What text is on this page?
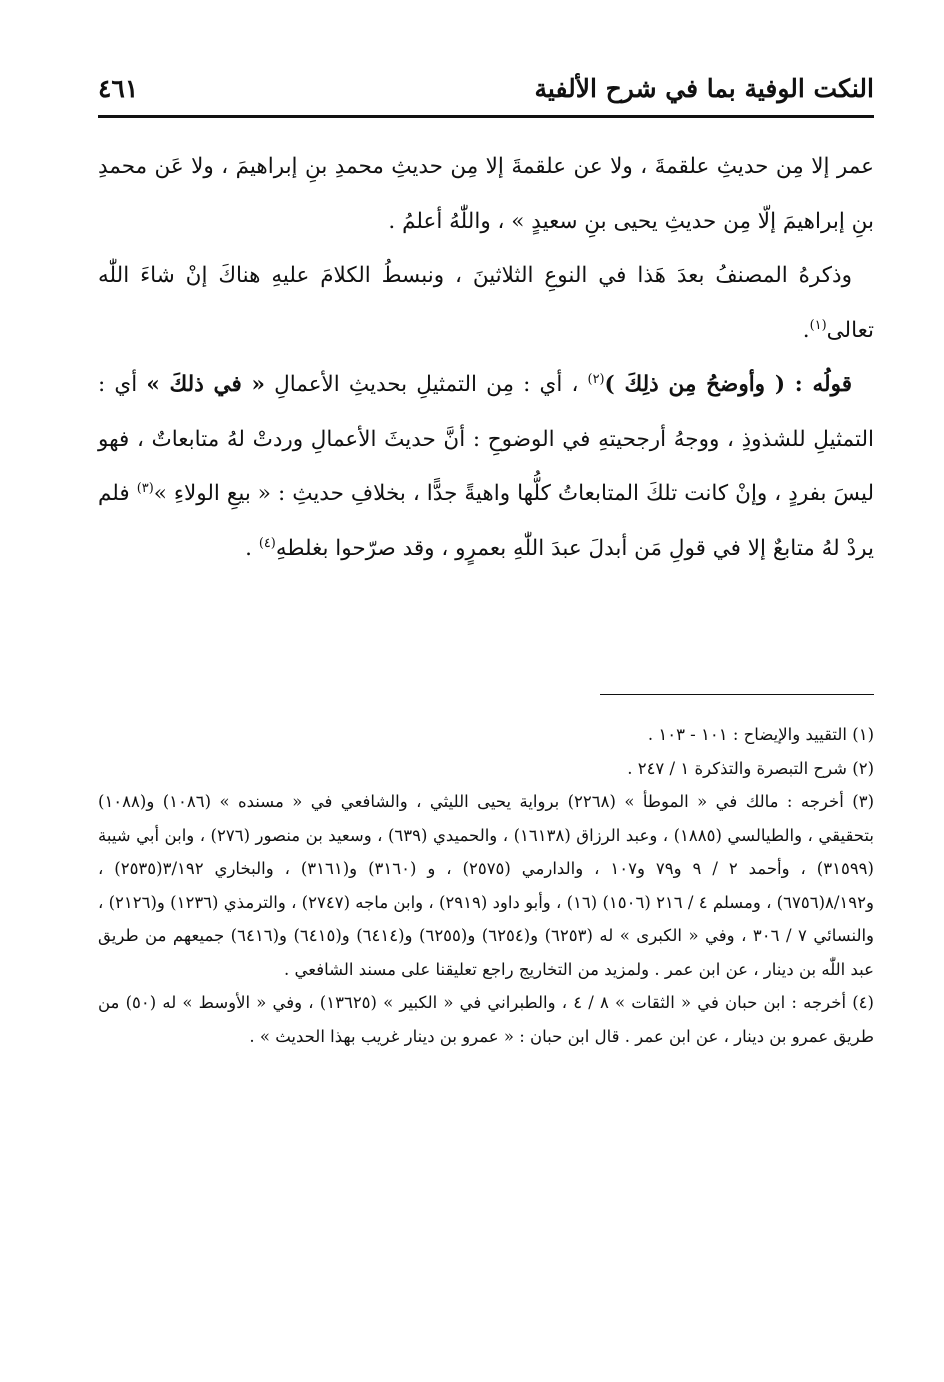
النكت الوفية بما في شرح الألفية
٤٦١

عمر إلا مِن حديثِ علقمةَ ، ولا عن علقمةَ إلا مِن حديثِ محمدِ بنِ إبراهيمَ ، ولا عَن محمدِ بنِ إبراهيمَ إلّا مِن حديثِ يحيى بنِ سعيدٍ » ، واللّٰهُ أعلمُ .

وذكرهُ المصنفُ بعدَ هَذا في النوعِ الثلاثينَ ، ونبسطُ الكلامَ عليهِ هناكَ إنْ شاءَ اللّٰه تعالى$^{(١)}$.

قولُه : ( وأوضحُ مِن ذلِكَ )$^{(٢)}$ ، أي : مِن التمثيلِ بحديثِ الأعمالِ « في ذلكَ » أي : التمثيلِ للشذوذِ ، ووجهُ أرجحيتهِ في الوضوحِ : أنَّ حديثَ الأعمالِ وردتْ لهُ متابعاتٌ ، فهو ليسَ بفردٍ ، وإنْ كانت تلكَ المتابعاتُ كلُّها واهيةً جدًّا ، بخلافِ حديثِ : « بيعِ الولاءِ »$^{(٣)}$ فلم يردْ لهُ متابعٌ إلا في قولِ مَن أبدلَ عبدَ اللّٰهِ بعمرٍو ، وقد صرّحوا بغلطهِ$^{(٤)}$ .

(١) التقييد والإيضاح : ١٠١ - ١٠٣ .

(٢) شرح التبصرة والتذكرة ١ / ٢٤٧ .

(٣) أخرجه : مالك في « الموطأ » (٢٢٦٨) برواية يحيى الليثي ، والشافعي في « مسنده » (١٠٨٦) و(١٠٨٨) بتحقيقي ، والطيالسي (١٨٨٥) ، وعبد الرزاق (١٦١٣٨) ، والحميدي (٦٣٩) ، وسعيد بن منصور (٢٧٦) ، وابن أبي شيبة (٣١٥٩٩) ، وأحمد ٢ / ٩ و٧٩ و١٠٧ ، والدارمي (٢٥٧٥) ، و (٣١٦٠) و(٣١٦١) ، والبخاري ٣/١٩٢(٢٥٣٥) ، و٨/١٩٢(٦٧٥٦) ، ومسلم ٤ / ٢١٦ (١٥٠٦) (١٦) ، وأبو داود (٢٩١٩) ، وابن ماجه (٢٧٤٧) ، والترمذي (١٢٣٦) و(٢١٢٦) ، والنسائي ٧ / ٣٠٦ ، وفي « الكبرى » له (٦٢٥٣) و(٦٢٥٤) و(٦٢٥٥) و(٦٤١٤) و(٦٤١٥) و(٦٤١٦) جميعهم من طريق عبد اللّٰه بن دينار ، عن ابن عمر . ولمزيد من التخاريج راجع تعليقنا على مسند الشافعي .

(٤) أخرجه : ابن حبان في « الثقات » ٨ / ٤ ، والطبراني في « الكبير » (١٣٦٢٥) ، وفي « الأوسط » له (٥٠) من طريق عمرو بن دينار ، عن ابن عمر . قال ابن حبان : « عمرو بن دينار غريب بهذا الحديث » .
